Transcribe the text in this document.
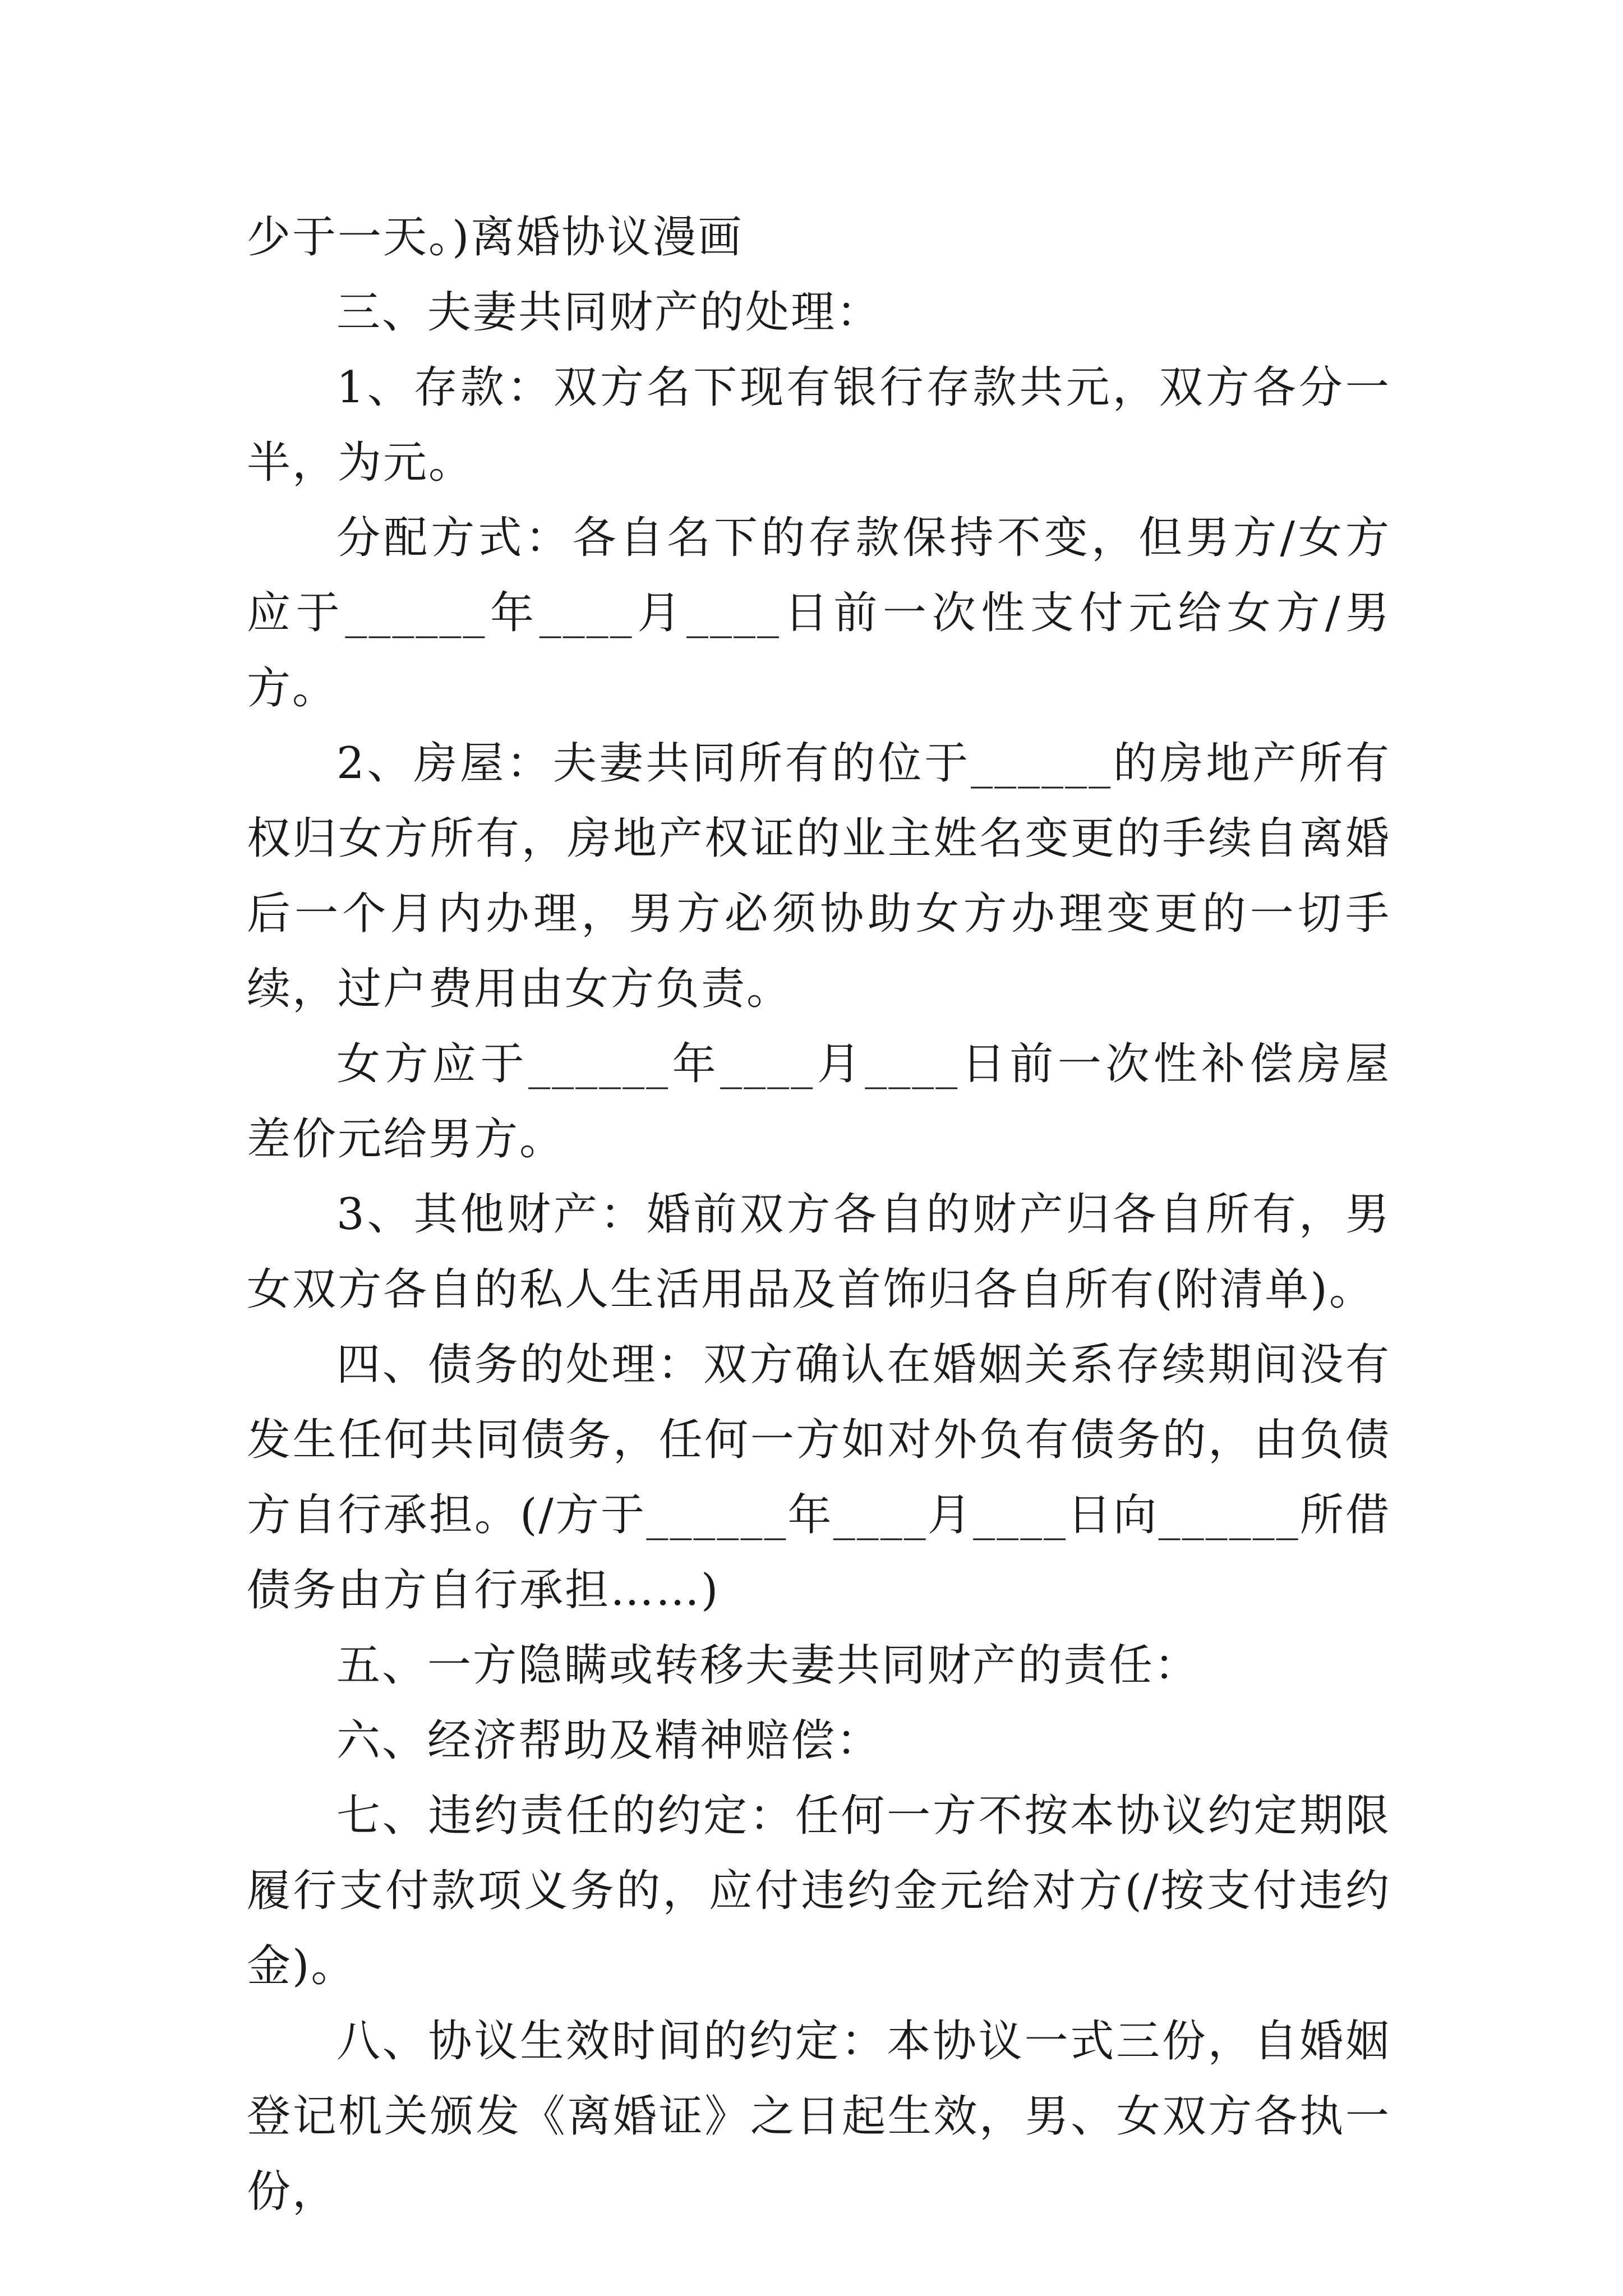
少于一天。)离婚协议漫画

三、夫妻共同财产的处理：

1、存款：双方名下现有银行存款共元，双方各分一半，为元。

分配方式：各自名下的存款保持不变，但男方/女方应于______年____月____日前一次性支付元给女方/男方。

2、房屋：夫妻共同所有的位于______的房地产所有权归女方所有，房地产权证的业主姓名变更的手续自离婚后一个月内办理，男方必须协助女方办理变更的一切手续，过户费用由女方负责。

女方应于______年____月____日前一次性补偿房屋差价元给男方。

3、其他财产：婚前双方各自的财产归各自所有，男女双方各自的私人生活用品及首饰归各自所有(附清单)。

四、债务的处理：双方确认在婚姻关系存续期间没有发生任何共同债务，任何一方如对外负有债务的，由负债方自行承担。(/方于______年____月____日向______所借债务由方自行承担……)

五、一方隐瞒或转移夫妻共同财产的责任：

六、经济帮助及精神赔偿：

七、违约责任的约定：任何一方不按本协议约定期限履行支付款项义务的，应付违约金元给对方(/按支付违约金)。

八、协议生效时间的约定：本协议一式三份，自婚姻登记机关颁发《离婚证》之日起生效，男、女双方各执一份，
